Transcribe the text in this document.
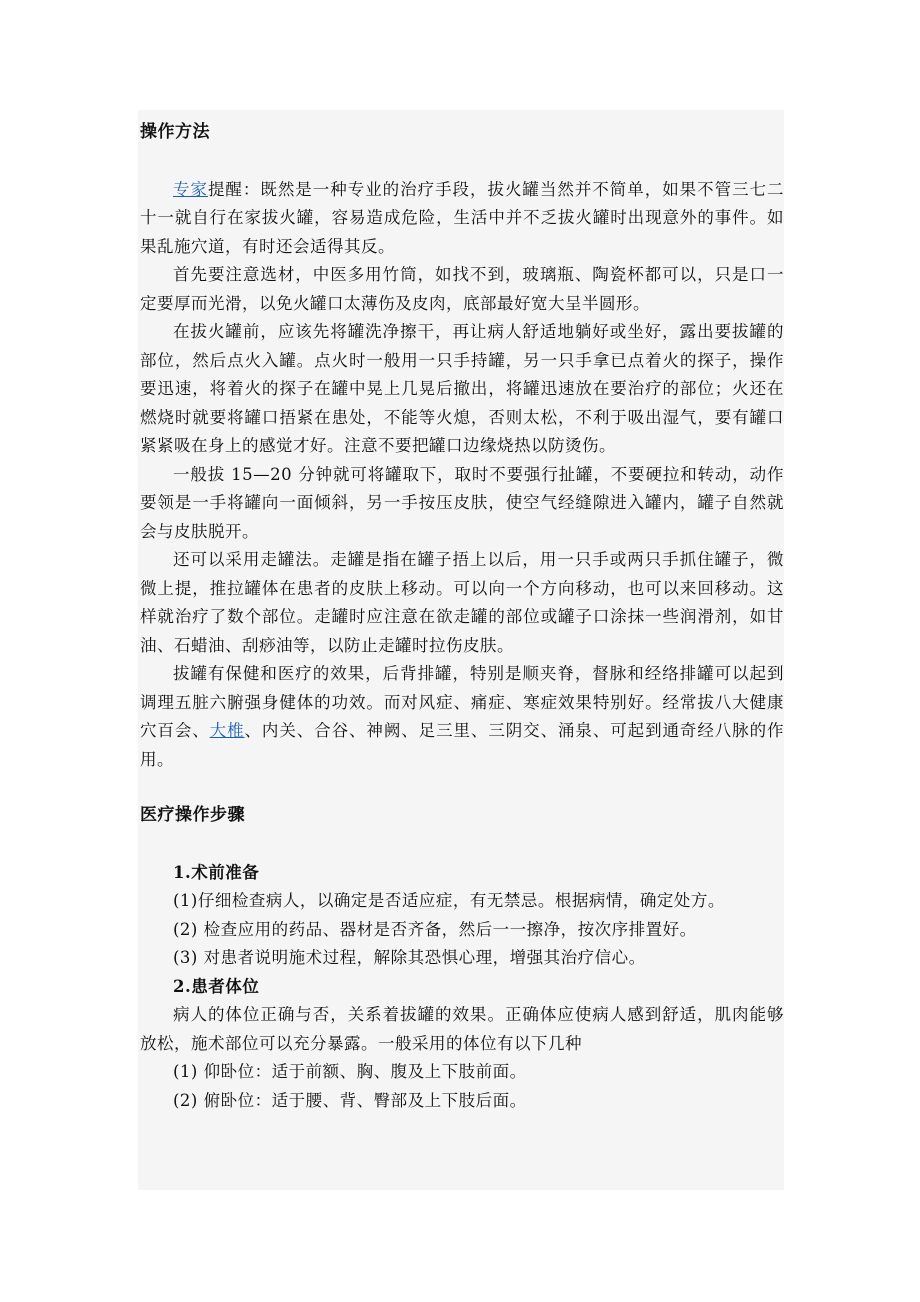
操作方法

专家提醒：既然是一种专业的治疗手段，拔火罐当然并不简单，如果不管三七二十一就自行在家拔火罐，容易造成危险，生活中并不乏拔火罐时出现意外的事件。如果乱施穴道，有时还会适得其反。

首先要注意选材，中医多用竹筒，如找不到，玻璃瓶、陶瓷杯都可以，只是口一定要厚而光滑，以免火罐口太薄伤及皮肉，底部最好宽大呈半圆形。

在拔火罐前，应该先将罐洗净擦干，再让病人舒适地躺好或坐好，露出要拔罐的部位，然后点火入罐。点火时一般用一只手持罐，另一只手拿已点着火的探子，操作要迅速，将着火的探子在罐中晃上几晃后撤出，将罐迅速放在要治疗的部位；火还在燃烧时就要将罐口捂紧在患处，不能等火熄，否则太松，不利于吸出湿气，要有罐口紧紧吸在身上的感觉才好。注意不要把罐口边缘烧热以防烫伤。

一般拔 15—20 分钟就可将罐取下，取时不要强行扯罐，不要硬拉和转动，动作要领是一手将罐向一面倾斜，另一手按压皮肤，使空气经缝隙进入罐内，罐子自然就会与皮肤脱开。

还可以采用走罐法。走罐是指在罐子捂上以后，用一只手或两只手抓住罐子，微微上提，推拉罐体在患者的皮肤上移动。可以向一个方向移动，也可以来回移动。这样就治疗了数个部位。走罐时应注意在欲走罐的部位或罐子口涂抹一些润滑剂，如甘油、石蜡油、刮痧油等，以防止走罐时拉伤皮肤。

拔罐有保健和医疗的效果，后背排罐，特别是顺夹脊，督脉和经络排罐可以起到调理五脏六腑强身健体的功效。而对风症、痛症、寒症效果特别好。经常拔八大健康穴百会、大椎、内关、合谷、神阙、足三里、三阴交、涌泉、可起到通奇经八脉的作用。

医疗操作步骤

1.术前准备

(1)仔细检查病人，以确定是否适应症，有无禁忌。根据病情，确定处方。

(2) 检查应用的药品、器材是否齐备，然后一一擦净，按次序排置好。

(3) 对患者说明施术过程，解除其恐惧心理，增强其治疗信心。

2.患者体位

病人的体位正确与否，关系着拔罐的效果。正确体应使病人感到舒适，肌肉能够放松，施术部位可以充分暴露。一般采用的体位有以下几种

(1) 仰卧位：适于前额、胸、腹及上下肢前面。

(2) 俯卧位：适于腰、背、臀部及上下肢后面。
